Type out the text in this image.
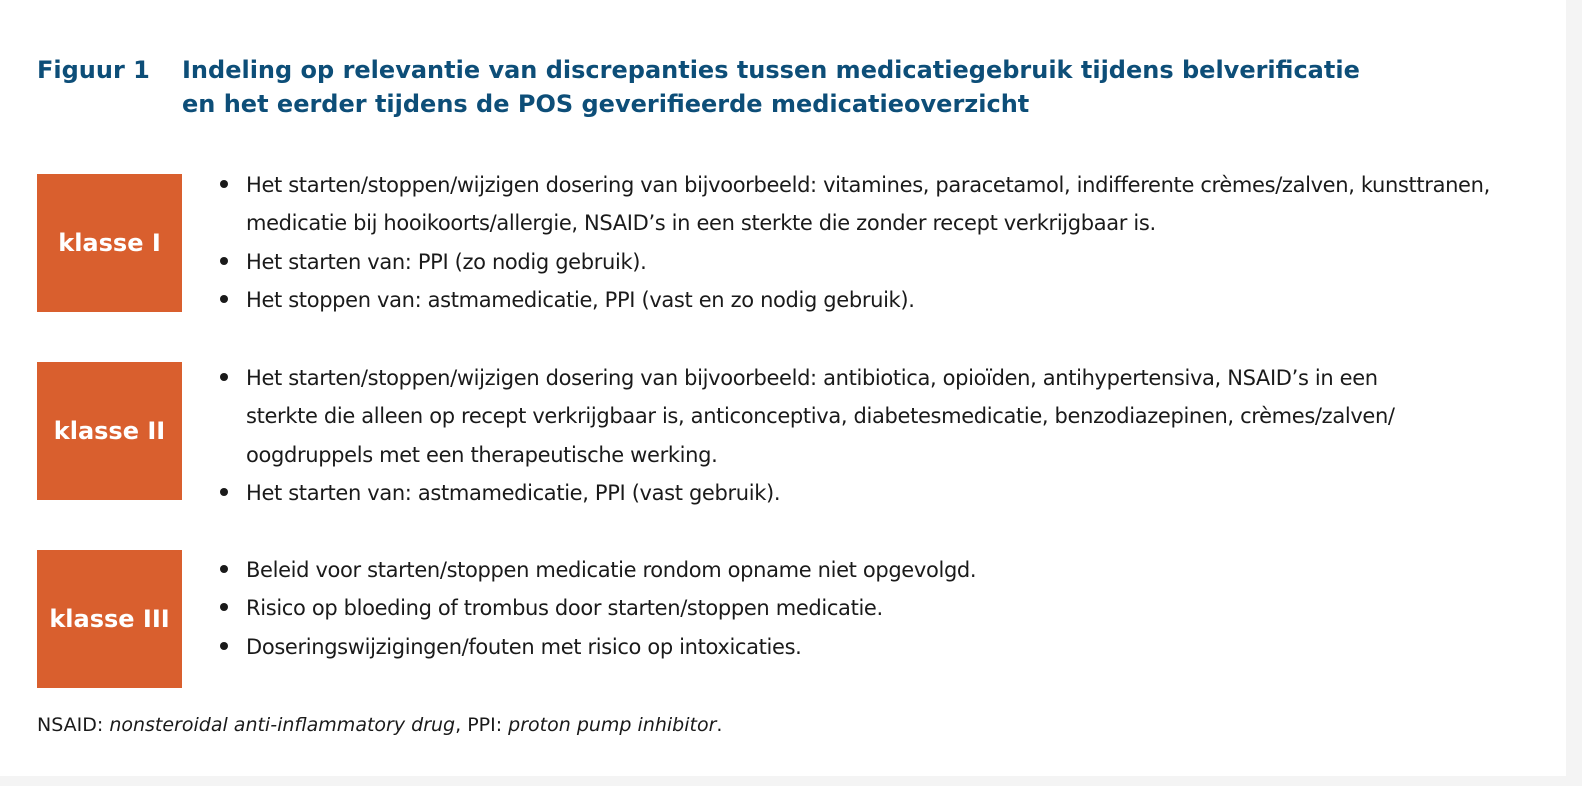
Figuur 1 Indeling op relevantie van discrepanties tussen medicatiegebruik tijdens belverificatie
en het eerder tijdens de POS geverifieerde medicatieoverzicht
klasse I
Het starten/stoppen/wijzigen dosering van bijvoorbeeld: vitamines, paracetamol, indifferente crèmes/zalven, kunsttranen,
medicatie bij hooikoorts/allergie, NSAID’s in een sterkte die zonder recept verkrijgbaar is.
Het starten van: PPI (zo nodig gebruik).
Het stoppen van: astmamedicatie, PPI (vast en zo nodig gebruik).
klasse II
Het starten/stoppen/wijzigen dosering van bijvoorbeeld: antibiotica, opioïden, antihypertensiva, NSAID’s in een
sterkte die alleen op recept verkrijgbaar is, anticonceptiva, diabetesmedicatie, benzodiazepinen, crèmes/zalven/
oogdruppels met een therapeutische werking.
Het starten van: astmamedicatie, PPI (vast gebruik).
klasse III
Beleid voor starten/stoppen medicatie rondom opname niet opgevolgd.
Risico op bloeding of trombus door starten/stoppen medicatie.
Doseringswijzigingen/fouten met risico op intoxicaties.
NSAID: nonsteroidal anti-inflammatory drug, PPI: proton pump inhibitor.
